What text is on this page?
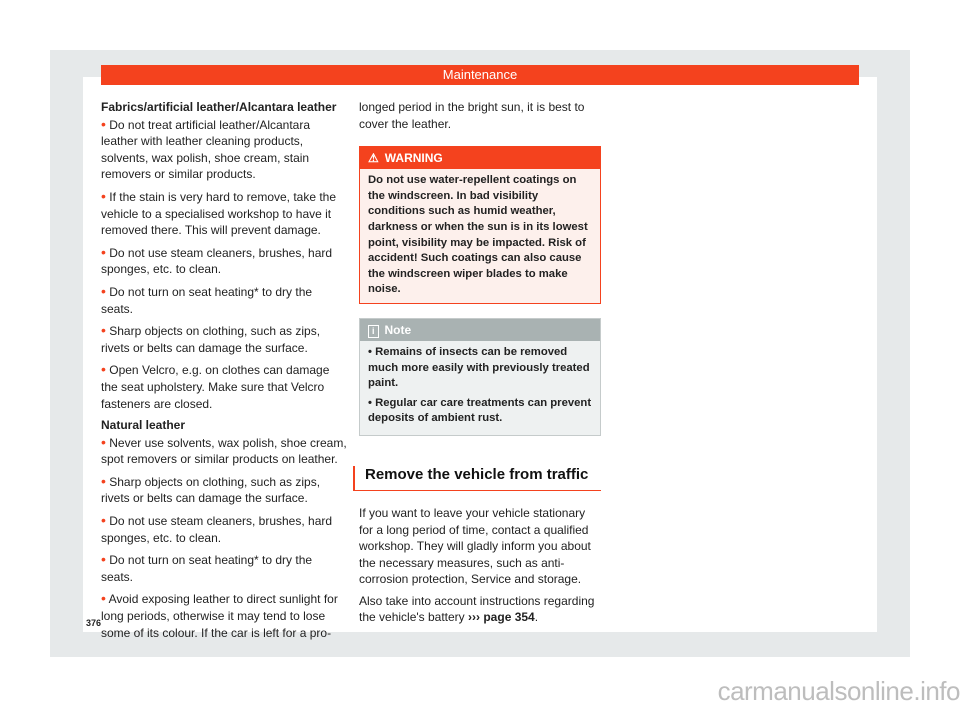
Maintenance

Fabrics/artificial leather/Alcantara leather

• Do not treat artificial leather/Alcantara leather with leather cleaning products, solvents, wax polish, shoe cream, stain removers or similar products.

• If the stain is very hard to remove, take the vehicle to a specialised workshop to have it removed there. This will prevent damage.

• Do not use steam cleaners, brushes, hard sponges, etc. to clean.

• Do not turn on seat heating* to dry the seats.

• Sharp objects on clothing, such as zips, rivets or belts can damage the surface.

• Open Velcro, e.g. on clothes can damage the seat upholstery. Make sure that Velcro fasteners are closed.

Natural leather

• Never use solvents, wax polish, shoe cream, spot removers or similar products on leather.

• Sharp objects on clothing, such as zips, rivets or belts can damage the surface.

• Do not use steam cleaners, brushes, hard sponges, etc. to clean.

• Do not turn on seat heating* to dry the seats.

• Avoid exposing leather to direct sunlight for long periods, otherwise it may tend to lose some of its colour. If the car is left for a pro-

longed period in the bright sun, it is best to cover the leather.

⚠ WARNING
Do not use water-repellent coatings on the windscreen. In bad visibility conditions such as humid weather, darkness or when the sun is in its lowest point, visibility may be impacted. Risk of accident! Such coatings can also cause the windscreen wiper blades to make noise.
i Note

• Remains of insects can be removed much more easily with previously treated paint.

• Regular car care treatments can prevent deposits of ambient rust.

Remove the vehicle from traffic

If you want to leave your vehicle stationary for a long period of time, contact a qualified workshop. They will gladly inform you about the necessary measures, such as anti-corrosion protection, Service and storage.

Also take into account instructions regarding the vehicle's battery ››› page 354.

376
carmanualsonline.info
